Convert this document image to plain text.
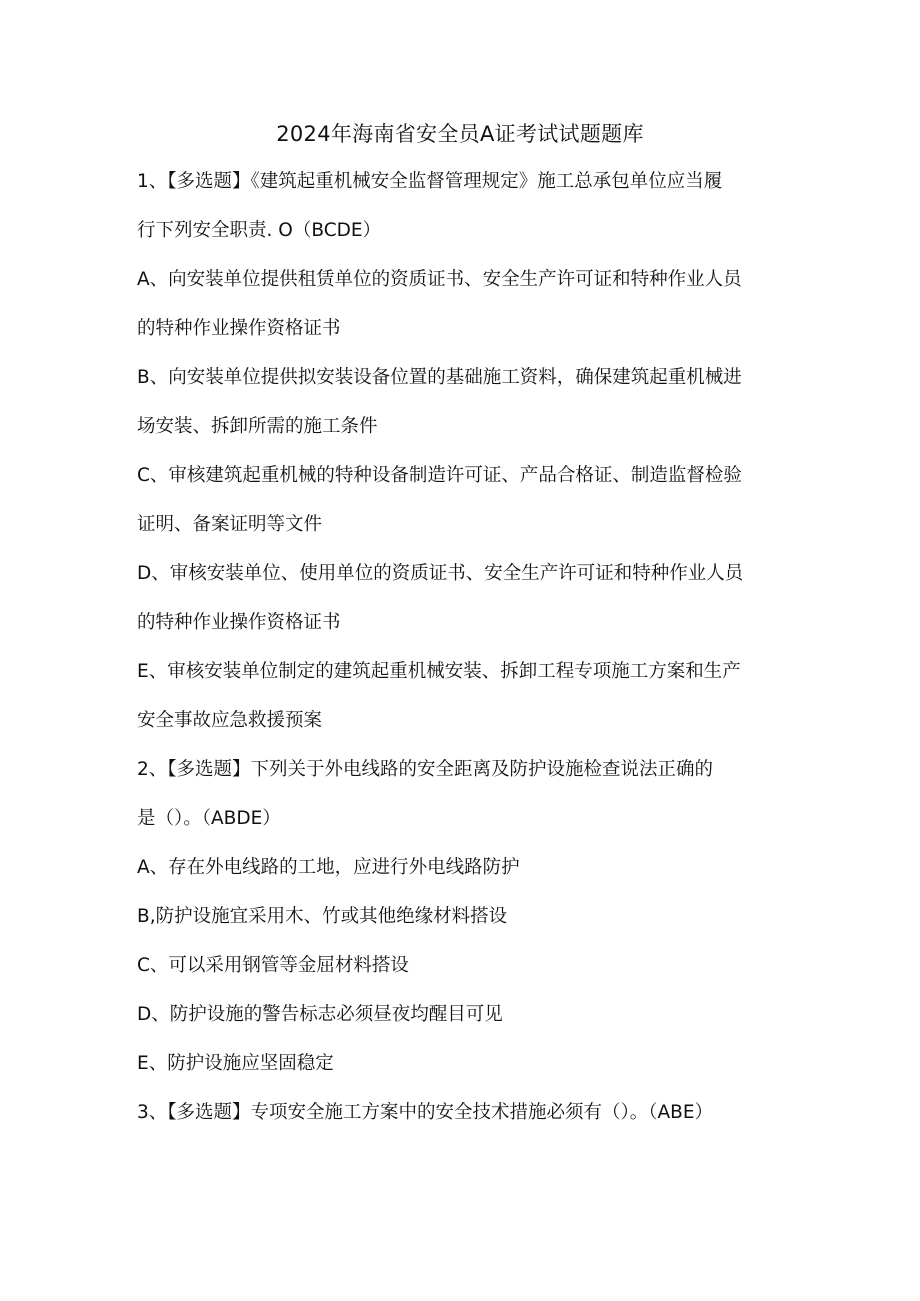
2024年海南省安全员A证考试试题题库
1、【多选题】《建筑起重机械安全监督管理规定》施工总承包单位应当履
行下列安全职责. O（BCDE）
A、向安装单位提供租赁单位的资质证书、安全生产许可证和特种作业人员
的特种作业操作资格证书
B、向安装单位提供拟安装设备位置的基础施工资料，确保建筑起重机械进
场安装、拆卸所需的施工条件
C、审核建筑起重机械的特种设备制造许可证、产品合格证、制造监督检验
证明、备案证明等文件
D、审核安装单位、使用单位的资质证书、安全生产许可证和特种作业人员
的特种作业操作资格证书
E、审核安装单位制定的建筑起重机械安装、拆卸工程专项施工方案和生产
安全事故应急救援预案
2、【多选题】下列关于外电线路的安全距离及防护设施检查说法正确的
是（）。（ABDE）
A、存在外电线路的工地，应进行外电线路防护
B,防护设施宜采用木、竹或其他绝缘材料搭设
C、可以采用钢管等金屈材料搭设
D、防护设施的警告标志必须昼夜均醒目可见
E、防护设施应坚固稳定
3、【多选题】专项安全施工方案中的安全技术措施必须有（）。（ABE）
